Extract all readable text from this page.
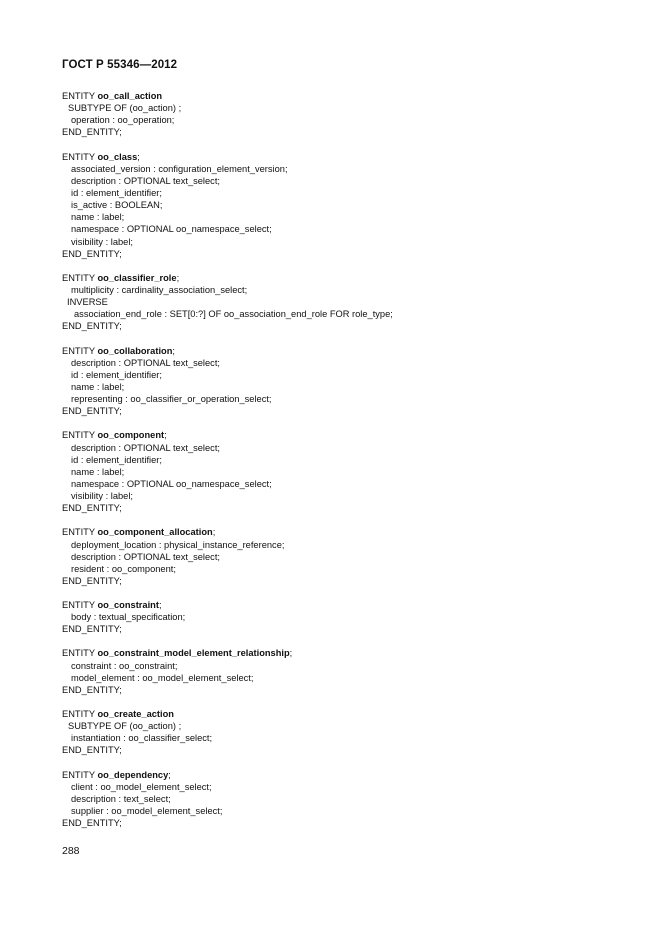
ГОСТ Р 55346—2012
ENTITY oo_call_action
SUBTYPE OF (oo_action) ;
operation : oo_operation;
END_ENTITY;
ENTITY oo_class;
associated_version : configuration_element_version;
description : OPTIONAL text_select;
id : element_identifier;
is_active : BOOLEAN;
name : label;
namespace : OPTIONAL oo_namespace_select;
visibility : label;
END_ENTITY;
ENTITY oo_classifier_role;
multiplicity : cardinality_association_select;
INVERSE
association_end_role : SET[0:?] OF oo_association_end_role FOR role_type;
END_ENTITY;
ENTITY oo_collaboration;
description : OPTIONAL text_select;
id : element_identifier;
name : label;
representing : oo_classifier_or_operation_select;
END_ENTITY;
ENTITY oo_component;
description : OPTIONAL text_select;
id : element_identifier;
name : label;
namespace : OPTIONAL oo_namespace_select;
visibility : label;
END_ENTITY;
ENTITY oo_component_allocation;
deployment_location : physical_instance_reference;
description : OPTIONAL text_select;
resident : oo_component;
END_ENTITY;
ENTITY oo_constraint;
body : textual_specification;
END_ENTITY;
ENTITY oo_constraint_model_element_relationship;
constraint : oo_constraint;
model_element : oo_model_element_select;
END_ENTITY;
ENTITY oo_create_action
SUBTYPE OF (oo_action) ;
instantiation : oo_classifier_select;
END_ENTITY;
ENTITY oo_dependency;
client : oo_model_element_select;
description : text_select;
supplier : oo_model_element_select;
END_ENTITY;
288
